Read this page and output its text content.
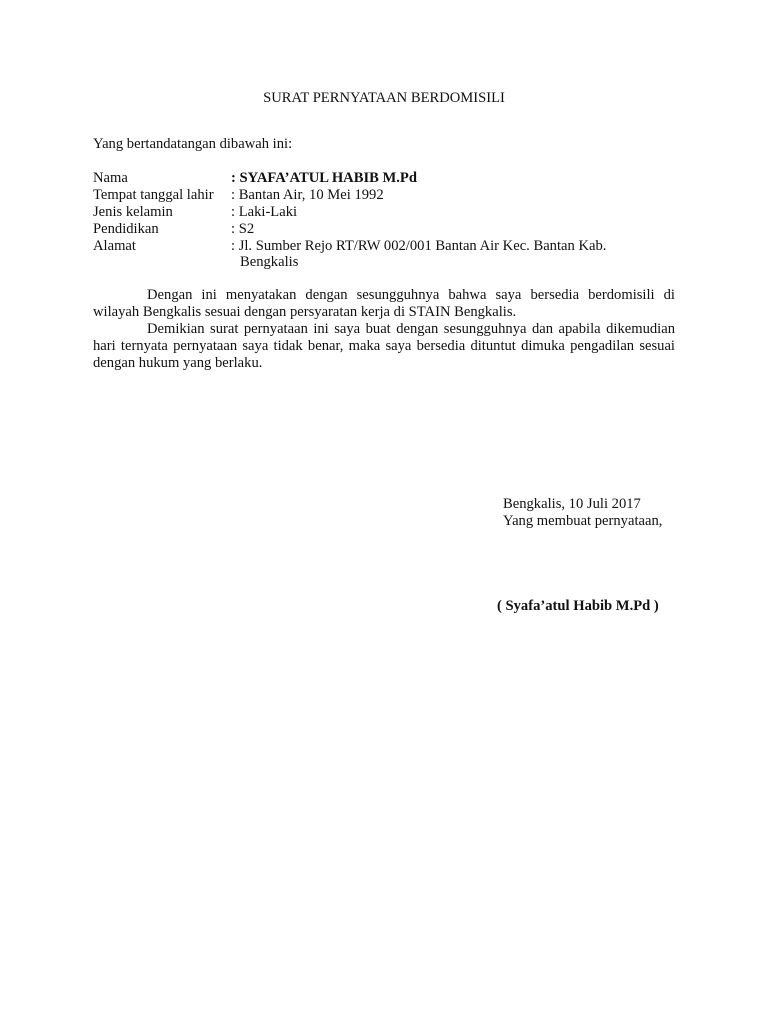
SURAT PERNYATAAN BERDOMISILI
Yang bertandatangan dibawah ini:
Nama	: SYAFA’ATUL HABIB M.Pd
Tempat tanggal lahir	: Bantan Air, 10 Mei 1992
Jenis kelamin	: Laki-Laki
Pendidikan	: S2
Alamat	: Jl. Sumber Rejo RT/RW 002/001 Bantan Air Kec. Bantan Kab.
Bengkalis

Dengan ini menyatakan dengan sesungguhnya bahwa saya bersedia berdomisili di wilayah Bengkalis sesuai dengan persyaratan kerja di STAIN Bengkalis.

Demikian surat pernyataan ini saya buat dengan sesungguhnya dan apabila dikemudian hari ternyata pernyataan saya tidak benar, maka saya bersedia dituntut dimuka pengadilan sesuai dengan hukum yang berlaku.

Bengkalis, 10 Juli 2017
Yang membuat pernyataan,
( Syafa’atul Habib M.Pd )
